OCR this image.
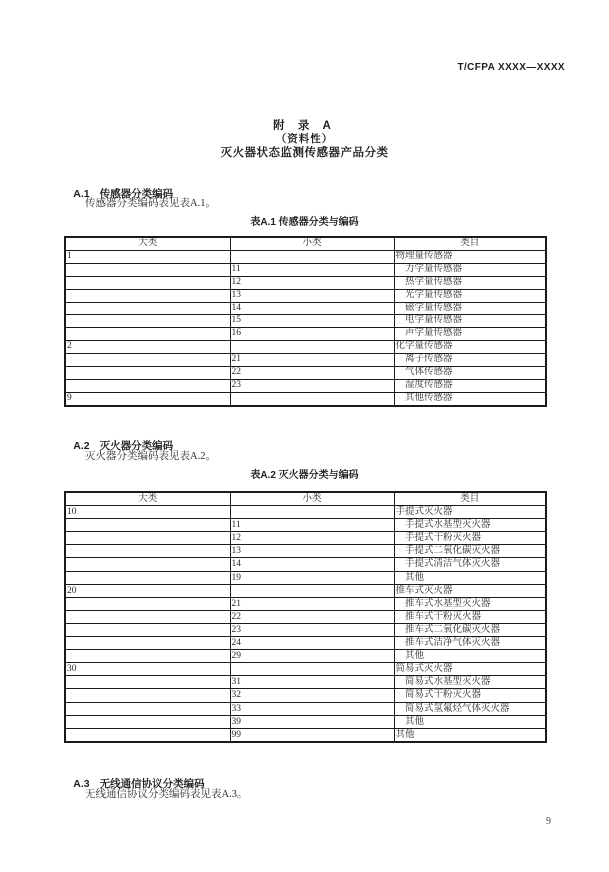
T/CFPA XXXX—XXXX
附 录 A
（资料性）
灭火器状态监测传感器产品分类

A.1 传感器分类编码

传感器分类编码表见表A.1。
表A.1 传感器分类与编码
大类	小类	类目
1		物理量传感器
	11	　力学量传感器
	12	　热学量传感器
	13	　光学量传感器
	14	　磁学量传感器
	15	　电学量传感器
	16	　声学量传感器
2		化学量传感器
	21	　离子传感器
	22	　气体传感器
	23	　湿度传感器
9		　其他传感器

A.2 灭火器分类编码

灭火器分类编码表见表A.2。
表A.2 灭火器分类与编码
大类	小类	类目
10		手提式灭火器
	11	　手提式水基型灭火器
	12	　手提式干粉灭火器
	13	　手提式二氧化碳灭火器
	14	　手提式清洁气体灭火器
	19	　其他
20		推车式灭火器
	21	　推车式水基型灭火器
	22	　推车式干粉灭火器
	23	　推车式二氧化碳灭火器
	24	　推车式洁净气体灭火器
	29	　其他
30		简易式灭火器
	31	　简易式水基型灭火器
	32	　简易式干粉灭火器
	33	　简易式氢氟烃气体灭火器
	39	　其他
	99	其他

A.3 无线通信协议分类编码

无线通信协议分类编码表见表A.3。
9
